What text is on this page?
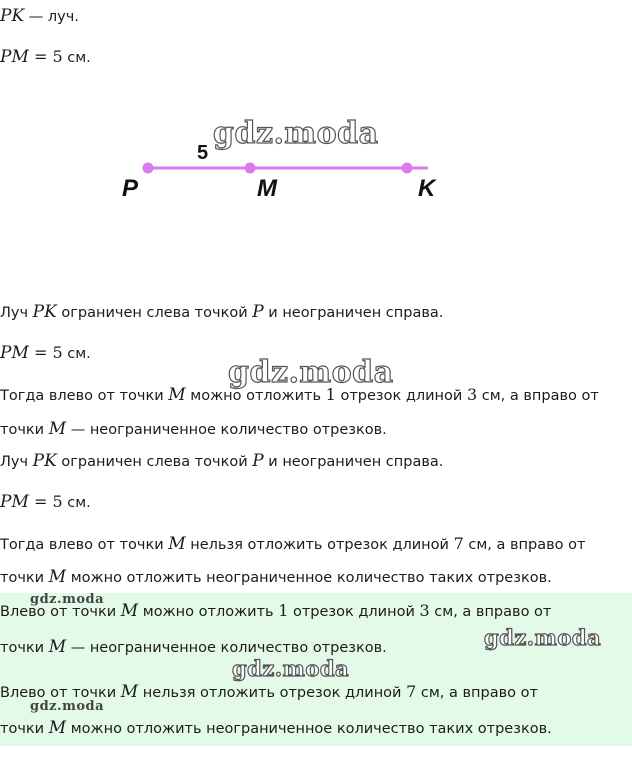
PK — луч.
PM = 5 см.
5
P	M	K
gdz.moda
Луч PK ограничен слева точкой P и неограничен справа.
PM = 5 см.
gdz.moda
Тогда влево от точки M можно отложить 1 отрезок длиной 3 см, а вправо от
точки M — неограниченное количество отрезков.
Луч PK ограничен слева точкой P и неограничен справа.
PM = 5 см.
Тогда влево от точки M нельзя отложить отрезок длиной 7 см, а вправо от
точки M можно отложить неограниченное количество таких отрезков.
gdz.moda
Влево от точки M можно отложить 1 отрезок длиной 3 см, а вправо от
gdz.moda
точки M — неограниченное количество отрезков.
gdz.moda
Влево от точки M нельзя отложить отрезок длиной 7 см, а вправо от
gdz.moda
точки M можно отложить неограниченное количество таких отрезков.
